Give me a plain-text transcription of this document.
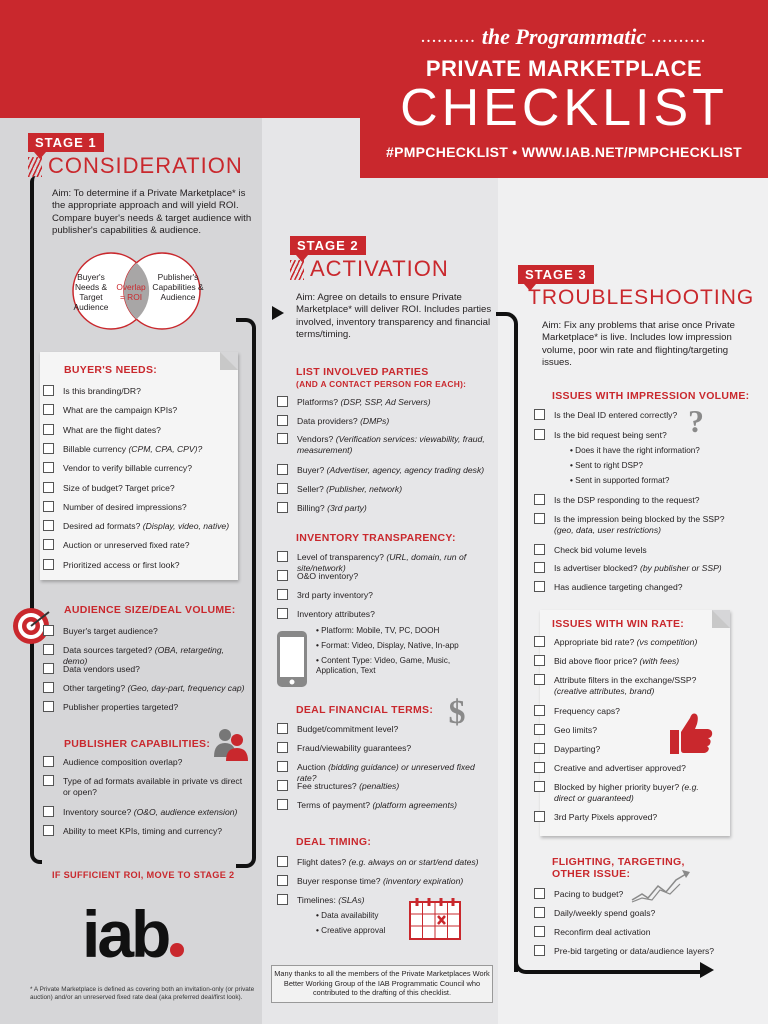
.......... the Programmatic ..........
PRIVATE MARKETPLACE
CHECKLIST
#PMPCHECKLIST • WWW.IAB.NET/PMPCHECKLIST
STAGE 1
CONSIDERATION
Aim: To determine if a Private Marketplace* is the appropriate approach and will yield ROI. Compare buyer's needs & target audience with publisher's capabilities & audience.
Buyer's Needs & Target Audience
Overlap = ROI
Publisher's Capabilities & Audience
BUYER'S NEEDS:
Is this branding/DR?
What are the campaign KPIs?
What are the flight dates?
Billable currency (CPM, CPA, CPV)?
Vendor to verify billable currency?
Size of budget? Target price?
Number of desired impressions?
Desired ad formats? (Display, video, native)
Auction or unreserved fixed rate?
Prioritized access or first look?
AUDIENCE SIZE/DEAL VOLUME:
Buyer's target audience?
Data sources targeted? (OBA, retargeting, demo)
Data vendors used?
Other targeting? (Geo, day-part, frequency cap)
Publisher properties targeted?
PUBLISHER CAPABILITIES:
Audience composition overlap?
Type of ad formats available in private vs direct or open?
Inventory source? (O&O, audience extension)
Ability to meet KPIs, timing and currency?
IF SUFFICIENT ROI, MOVE TO STAGE 2
iab
* A Private Marketplace is defined as covering both an invitation-only (or private auction) and/or an unreserved fixed rate deal (aka preferred deal/first look).
STAGE 2
ACTIVATION
Aim: Agree on details to ensure Private Marketplace* will deliver ROI. Includes parties involved, inventory transparency and financial terms/timing.
LIST INVOLVED PARTIES
(AND A CONTACT PERSON FOR EACH):
Platforms? (DSP, SSP, Ad Servers)
Data providers? (DMPs)
Vendors? (Verification services: viewability, fraud, measurement)
Buyer? (Advertiser, agency, agency trading desk)
Seller? (Publisher, network)
Billing? (3rd party)
INVENTORY TRANSPARENCY:
Level of transparency? (URL, domain, run of site/network)
O&O inventory?
3rd party inventory?
Inventory attributes?
• Platform: Mobile, TV, PC, DOOH
• Format: Video, Display, Native, In-app
• Content Type: Video, Game, Music, Application, Text
DEAL FINANCIAL TERMS: $
Budget/commitment level?
Fraud/viewability guarantees?
Auction (bidding guidance) or unreserved fixed rate?
Fee structures? (penalties)
Terms of payment? (platform agreements)
DEAL TIMING:
Flight dates? (e.g. always on or start/end dates)
Buyer response time? (inventory expiration)
Timelines: (SLAs)
• Data availability
• Creative approval
Many thanks to all the members of the Private Marketplaces Work Better Working Group of the IAB Programmatic Council who contributed to the drafting of this checklist.
STAGE 3
TROUBLESHOOTING
Aim: Fix any problems that arise once Private Marketplace* is live. Includes low impression volume, poor win rate and flighting/targeting issues.
ISSUES WITH IMPRESSION VOLUME:
?
Is the Deal ID entered correctly?
Is the bid request being sent?
Is the DSP responding to the request?
Is the impression being blocked by the SSP? (geo, data, user restrictions)
Check bid volume levels
Is advertiser blocked? (by publisher or SSP)
Has audience targeting changed?
• Does it have the right information?
• Sent to right DSP?
• Sent in supported format?
ISSUES WITH WIN RATE:
Appropriate bid rate? (vs competition)
Bid above floor price? (with fees)
Attribute filters in the exchange/SSP? (creative attributes, brand)
Frequency caps?
Geo limits?
Dayparting?
Creative and advertiser approved?
Blocked by higher priority buyer? (e.g. direct or guaranteed)
3rd Party Pixels approved?
FLIGHTING, TARGETING, OTHER ISSUE:
Pacing to budget?
Daily/weekly spend goals?
Reconfirm deal activation
Pre-bid targeting or data/audience layers?
